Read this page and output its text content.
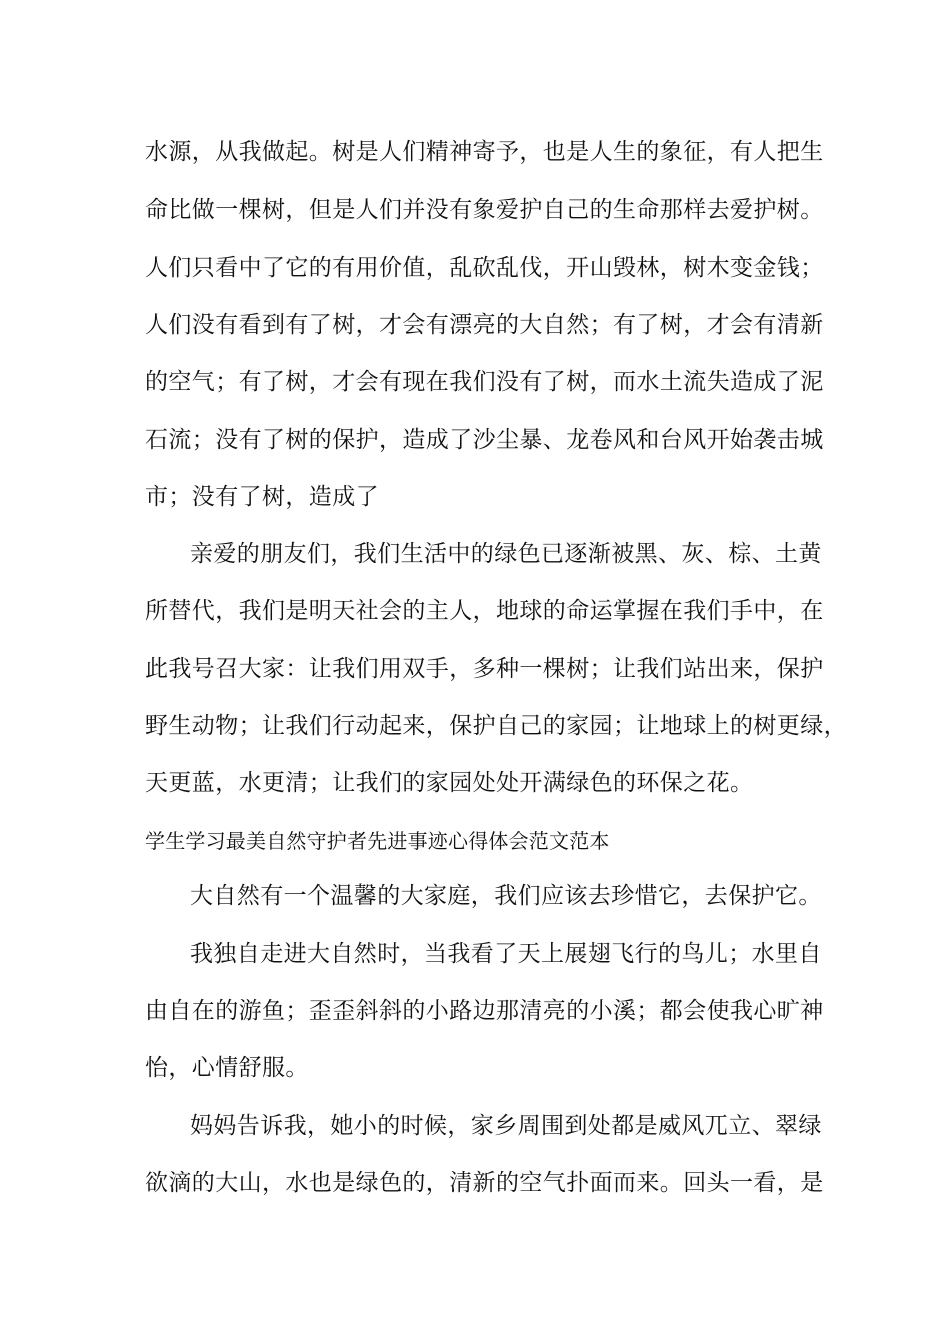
水源，从我做起。树是人们精神寄予，也是人生的象征，有人把生

命比做一棵树，但是人们并没有象爱护自己的生命那样去爱护树。

人们只看中了它的有用价值，乱砍乱伐，开山毁林，树木变金钱；

人们没有看到有了树，才会有漂亮的大自然；有了树，才会有清新

的空气；有了树，才会有现在我们没有了树，而水土流失造成了泥

石流；没有了树的保护，造成了沙尘暴、龙卷风和台风开始袭击城

市；没有了树，造成了

亲爱的朋友们，我们生活中的绿色已逐渐被黑、灰、棕、土黄

所替代，我们是明天社会的主人，地球的命运掌握在我们手中，在

此我号召大家：让我们用双手，多种一棵树；让我们站出来，保护

野生动物；让我们行动起来，保护自己的家园；让地球上的树更绿，

天更蓝，水更清；让我们的家园处处开满绿色的环保之花。

学生学习最美自然守护者先进事迹心得体会范文范本

大自然有一个温馨的大家庭，我们应该去珍惜它，去保护它。

我独自走进大自然时，当我看了天上展翅飞行的鸟儿；水里自

由自在的游鱼；歪歪斜斜的小路边那清亮的小溪；都会使我心旷神

怡，心情舒服。

妈妈告诉我，她小的时候，家乡周围到处都是威风兀立、翠绿

欲滴的大山，水也是绿色的，清新的空气扑面而来。回头一看，是
